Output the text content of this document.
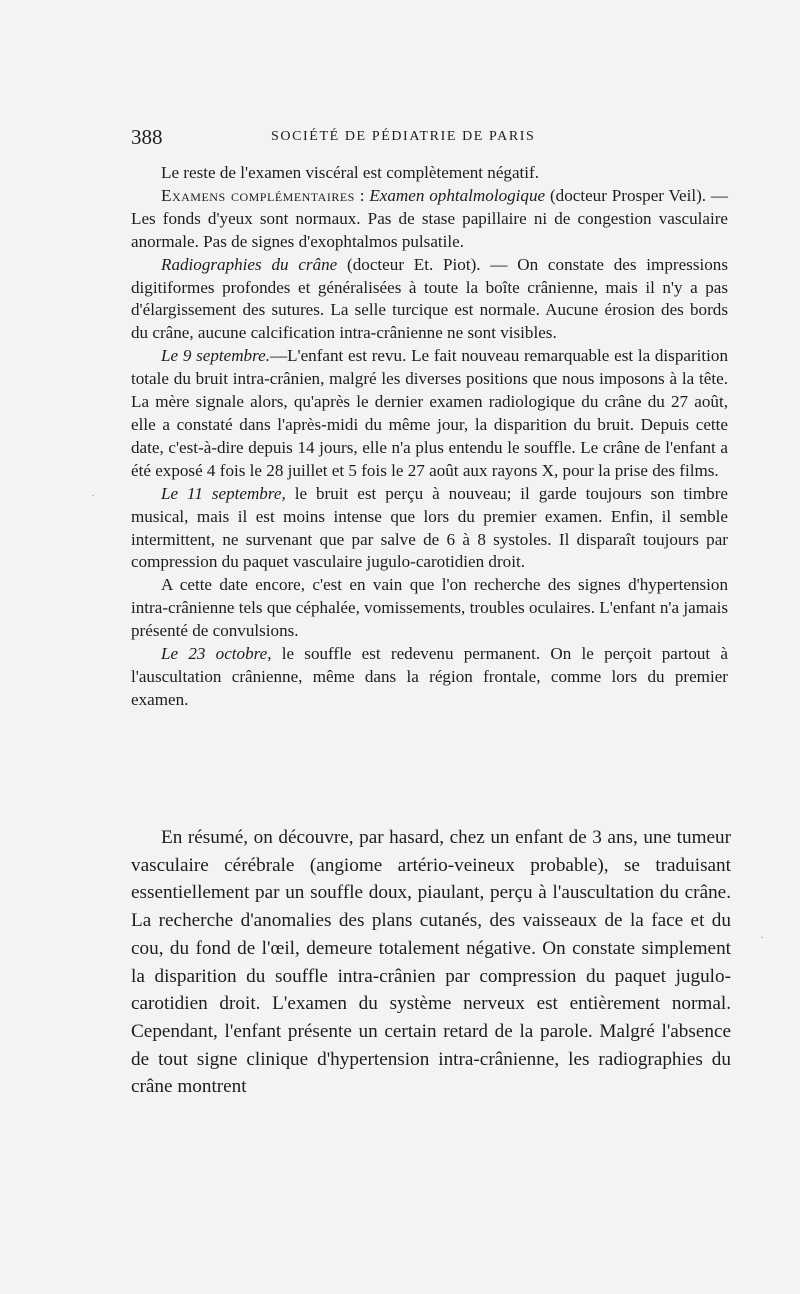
388	SOCIÉTÉ DE PÉDIATRIE DE PARIS

Le reste de l'examen viscéral est complètement négatif.

Examens complémentaires : Examen ophtalmologique (docteur Prosper Veil). — Les fonds d'yeux sont normaux. Pas de stase papillaire ni de congestion vasculaire anormale. Pas de signes d'exophtalmos pulsatile.

Radiographies du crâne (docteur Et. Piot). — On constate des impressions digitiformes profondes et généralisées à toute la boîte crânienne, mais il n'y a pas d'élargissement des sutures. La selle turcique est normale. Aucune érosion des bords du crâne, aucune calcification intra-crânienne ne sont visibles.

Le 9 septembre.—L'enfant est revu. Le fait nouveau remarquable est la disparition totale du bruit intra-crânien, malgré les diverses positions que nous imposons à la tête. La mère signale alors, qu'après le dernier examen radiologique du crâne du 27 août, elle a constaté dans l'après-midi du même jour, la disparition du bruit. Depuis cette date, c'est-à-dire depuis 14 jours, elle n'a plus entendu le souffle. Le crâne de l'enfant a été exposé 4 fois le 28 juillet et 5 fois le 27 août aux rayons X, pour la prise des films.

Le 11 septembre, le bruit est perçu à nouveau; il garde toujours son timbre musical, mais il est moins intense que lors du premier examen. Enfin, il semble intermittent, ne survenant que par salve de 6 à 8 systoles. Il disparaît toujours par compression du paquet vasculaire jugulo-carotidien droit.

A cette date encore, c'est en vain que l'on recherche des signes d'hypertension intra-crânienne tels que céphalée, vomissements, troubles oculaires. L'enfant n'a jamais présenté de convulsions.

Le 23 octobre, le souffle est redevenu permanent. On le perçoit partout à l'auscultation crânienne, même dans la région frontale, comme lors du premier examen.

En résumé, on découvre, par hasard, chez un enfant de 3 ans, une tumeur vasculaire cérébrale (angiome artério-veineux probable), se traduisant essentiellement par un souffle doux, piaulant, perçu à l'auscultation du crâne. La recherche d'anomalies des plans cutanés, des vaisseaux de la face et du cou, du fond de l'œil, demeure totalement négative. On constate simplement la disparition du souffle intra-crânien par compression du paquet jugulo-carotidien droit. L'examen du système nerveux est entièrement normal. Cependant, l'enfant présente un certain retard de la parole. Malgré l'absence de tout signe clinique d'hypertension intra-crânienne, les radiographies du crâne montrent

·
·
